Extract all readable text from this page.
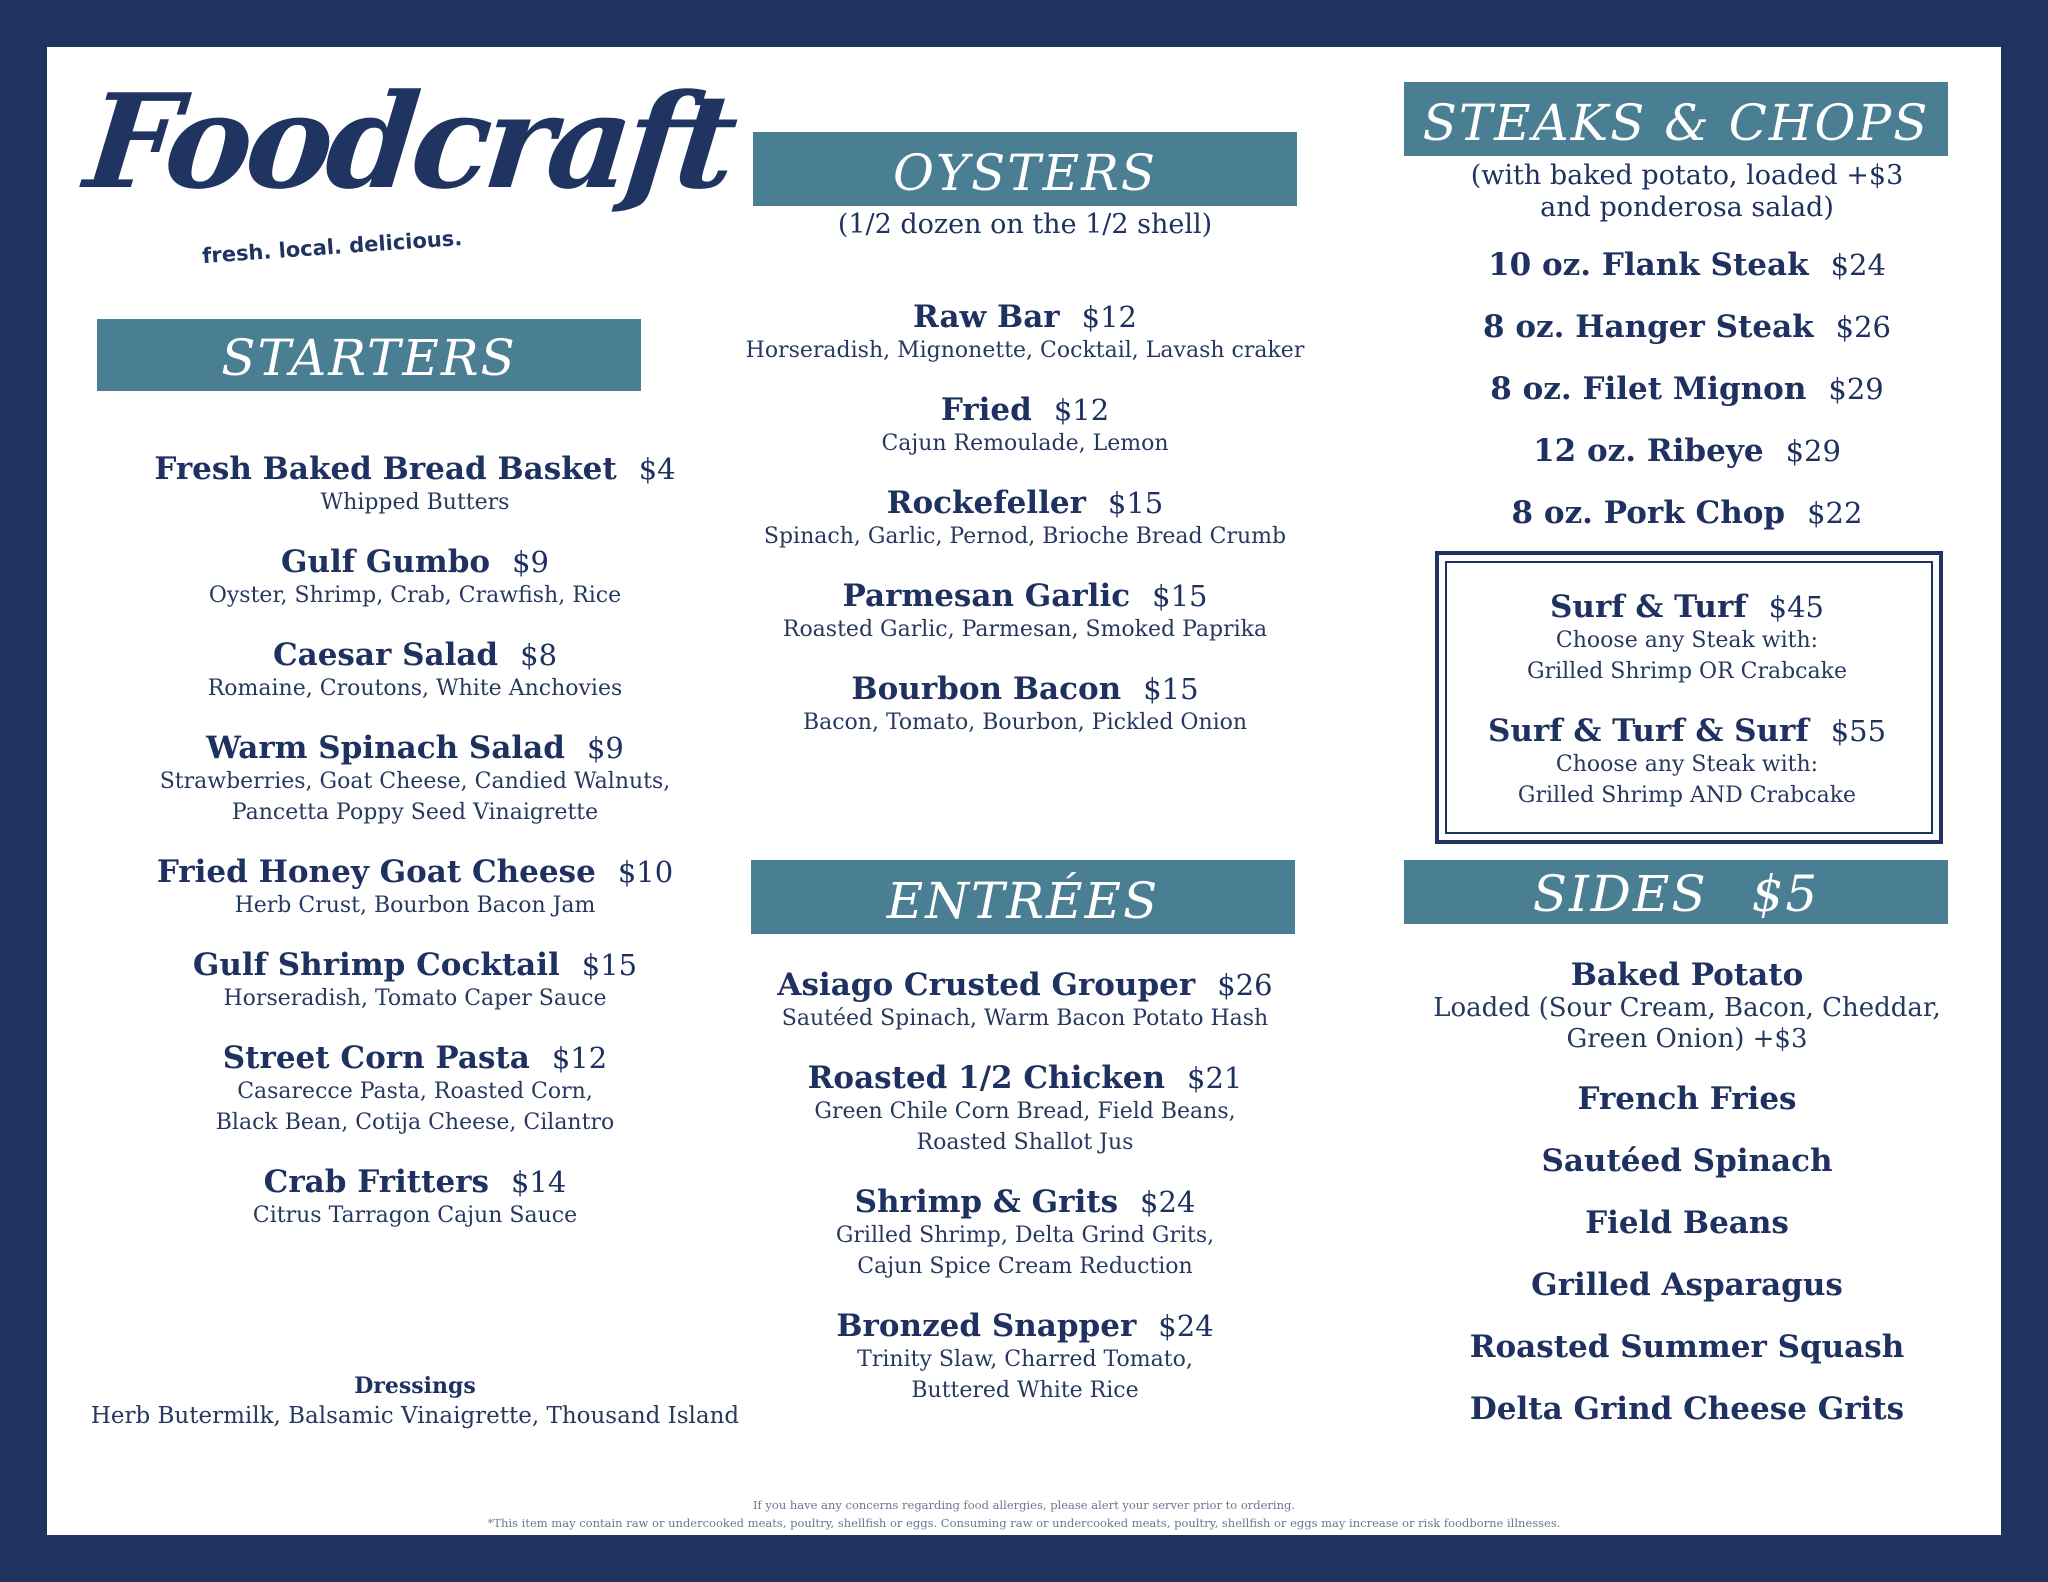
Foodcraft
fresh. local. delicious.
STARTERS
Fresh Baked Bread Basket $4
Whipped Butters
Gulf Gumbo $9
Oyster, Shrimp, Crab, Crawfish, Rice
Caesar Salad $8
Romaine, Croutons, White Anchovies
Warm Spinach Salad $9
Strawberries, Goat Cheese, Candied Walnuts,
Pancetta Poppy Seed Vinaigrette
Fried Honey Goat Cheese $10
Herb Crust, Bourbon Bacon Jam
Gulf Shrimp Cocktail $15
Horseradish, Tomato Caper Sauce
Street Corn Pasta $12
Casarecce Pasta, Roasted Corn,
Black Bean, Cotija Cheese, Cilantro
Crab Fritters $14
Citrus Tarragon Cajun Sauce
Dressings
Herb Butermilk, Balsamic Vinaigrette, Thousand Island
OYSTERS
(1/2 dozen on the 1/2 shell)
Raw Bar $12
Horseradish, Mignonette, Cocktail, Lavash craker
Fried $12
Cajun Remoulade, Lemon
Rockefeller $15
Spinach, Garlic, Pernod, Brioche Bread Crumb
Parmesan Garlic $15
Roasted Garlic, Parmesan, Smoked Paprika
Bourbon Bacon $15
Bacon, Tomato, Bourbon, Pickled Onion
ENTRÉES
Asiago Crusted Grouper $26
Sautéed Spinach, Warm Bacon Potato Hash
Roasted 1/2 Chicken $21
Green Chile Corn Bread, Field Beans,
Roasted Shallot Jus
Shrimp & Grits $24
Grilled Shrimp, Delta Grind Grits,
Cajun Spice Cream Reduction
Bronzed Snapper $24
Trinity Slaw, Charred Tomato,
Buttered White Rice
STEAKS & CHOPS
(with baked potato, loaded +$3
and ponderosa salad)
10 oz. Flank Steak $24
8 oz. Hanger Steak $26
8 oz. Filet Mignon $29
12 oz. Ribeye $29
8 oz. Pork Chop $22
Surf & Turf $45
Choose any Steak with:
Grilled Shrimp OR Crabcake
Surf & Turf & Surf $55
Choose any Steak with:
Grilled Shrimp AND Crabcake
SIDES $5
Baked Potato
Loaded (Sour Cream, Bacon, Cheddar,
Green Onion) +$3
French Fries
Sautéed Spinach
Field Beans
Grilled Asparagus
Roasted Summer Squash
Delta Grind Cheese Grits
If you have any concerns regarding food allergies, please alert your server prior to ordering.
*This item may contain raw or undercooked meats, poultry, shellfish or eggs. Consuming raw or undercooked meats, poultry, shellfish or eggs may increase or risk foodborne illnesses.
